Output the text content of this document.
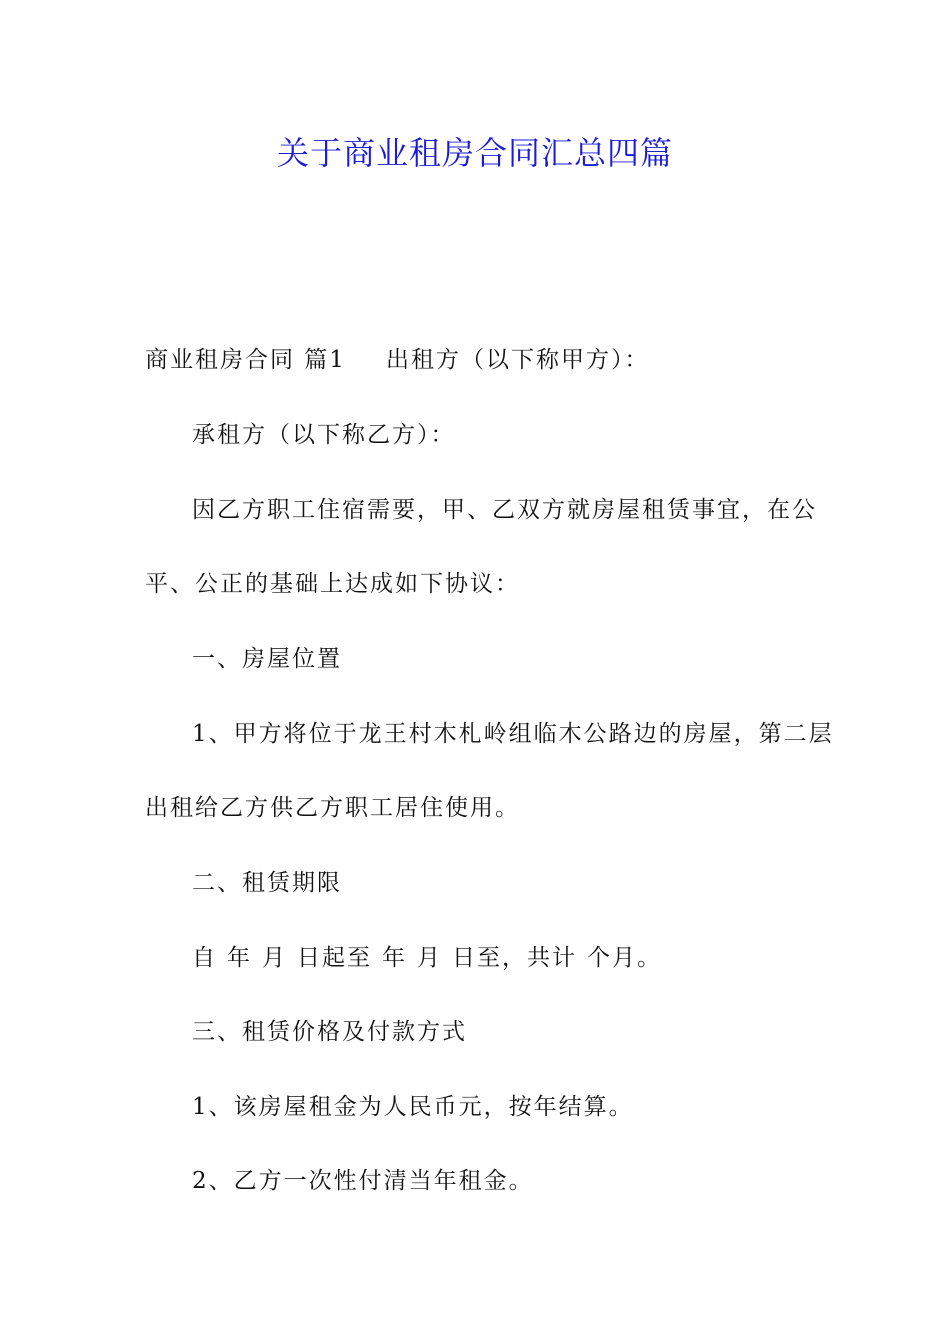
关于商业租房合同汇总四篇

商业租房合同 篇1 出租方（以下称甲方）：

承租方（以下称乙方）：

因乙方职工住宿需要，甲、乙双方就房屋租赁事宜，在公

平、公正的基础上达成如下协议：

一、房屋位置

1、甲方将位于龙王村木札岭组临木公路边的房屋，第二层

出租给乙方供乙方职工居住使用。

二、租赁期限

自 年 月 日起至 年 月 日至，共计 个月。

三、租赁价格及付款方式

1、该房屋租金为人民币元，按年结算。

2、乙方一次性付清当年租金。
